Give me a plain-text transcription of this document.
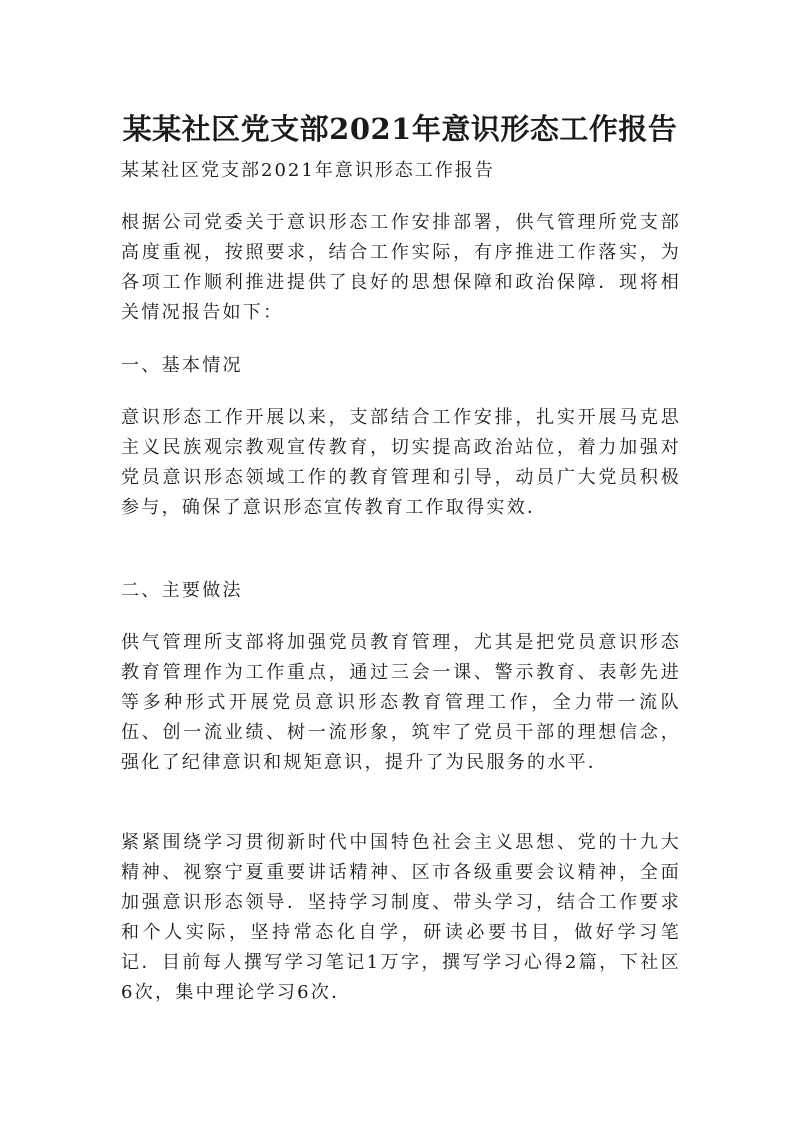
某某社区党支部2021年意识形态工作报告

某某社区党支部2021年意识形态工作报告

根据公司党委关于意识形态工作安排部署，供气管理所党支部高度重视，按照要求，结合工作实际，有序推进工作落实，为各项工作顺利推进提供了良好的思想保障和政治保障．现将相关情况报告如下：

一、基本情况

意识形态工作开展以来，支部结合工作安排，扎实开展马克思主义民族观宗教观宣传教育，切实提高政治站位，着力加强对党员意识形态领域工作的教育管理和引导，动员广大党员积极参与，确保了意识形态宣传教育工作取得实效．

二、主要做法

供气管理所支部将加强党员教育管理，尤其是把党员意识形态教育管理作为工作重点，通过三会一课、警示教育、表彰先进等多种形式开展党员意识形态教育管理工作，全力带一流队伍、创一流业绩、树一流形象，筑牢了党员干部的理想信念，强化了纪律意识和规矩意识，提升了为民服务的水平．

紧紧围绕学习贯彻新时代中国特色社会主义思想、党的十九大精神、视察宁夏重要讲话精神、区市各级重要会议精神，全面加强意识形态领导．坚持学习制度、带头学习，结合工作要求和个人实际，坚持常态化自学，研读必要书目，做好学习笔记．目前每人撰写学习笔记1万字，撰写学习心得2篇，下社区6次，集中理论学习6次．
